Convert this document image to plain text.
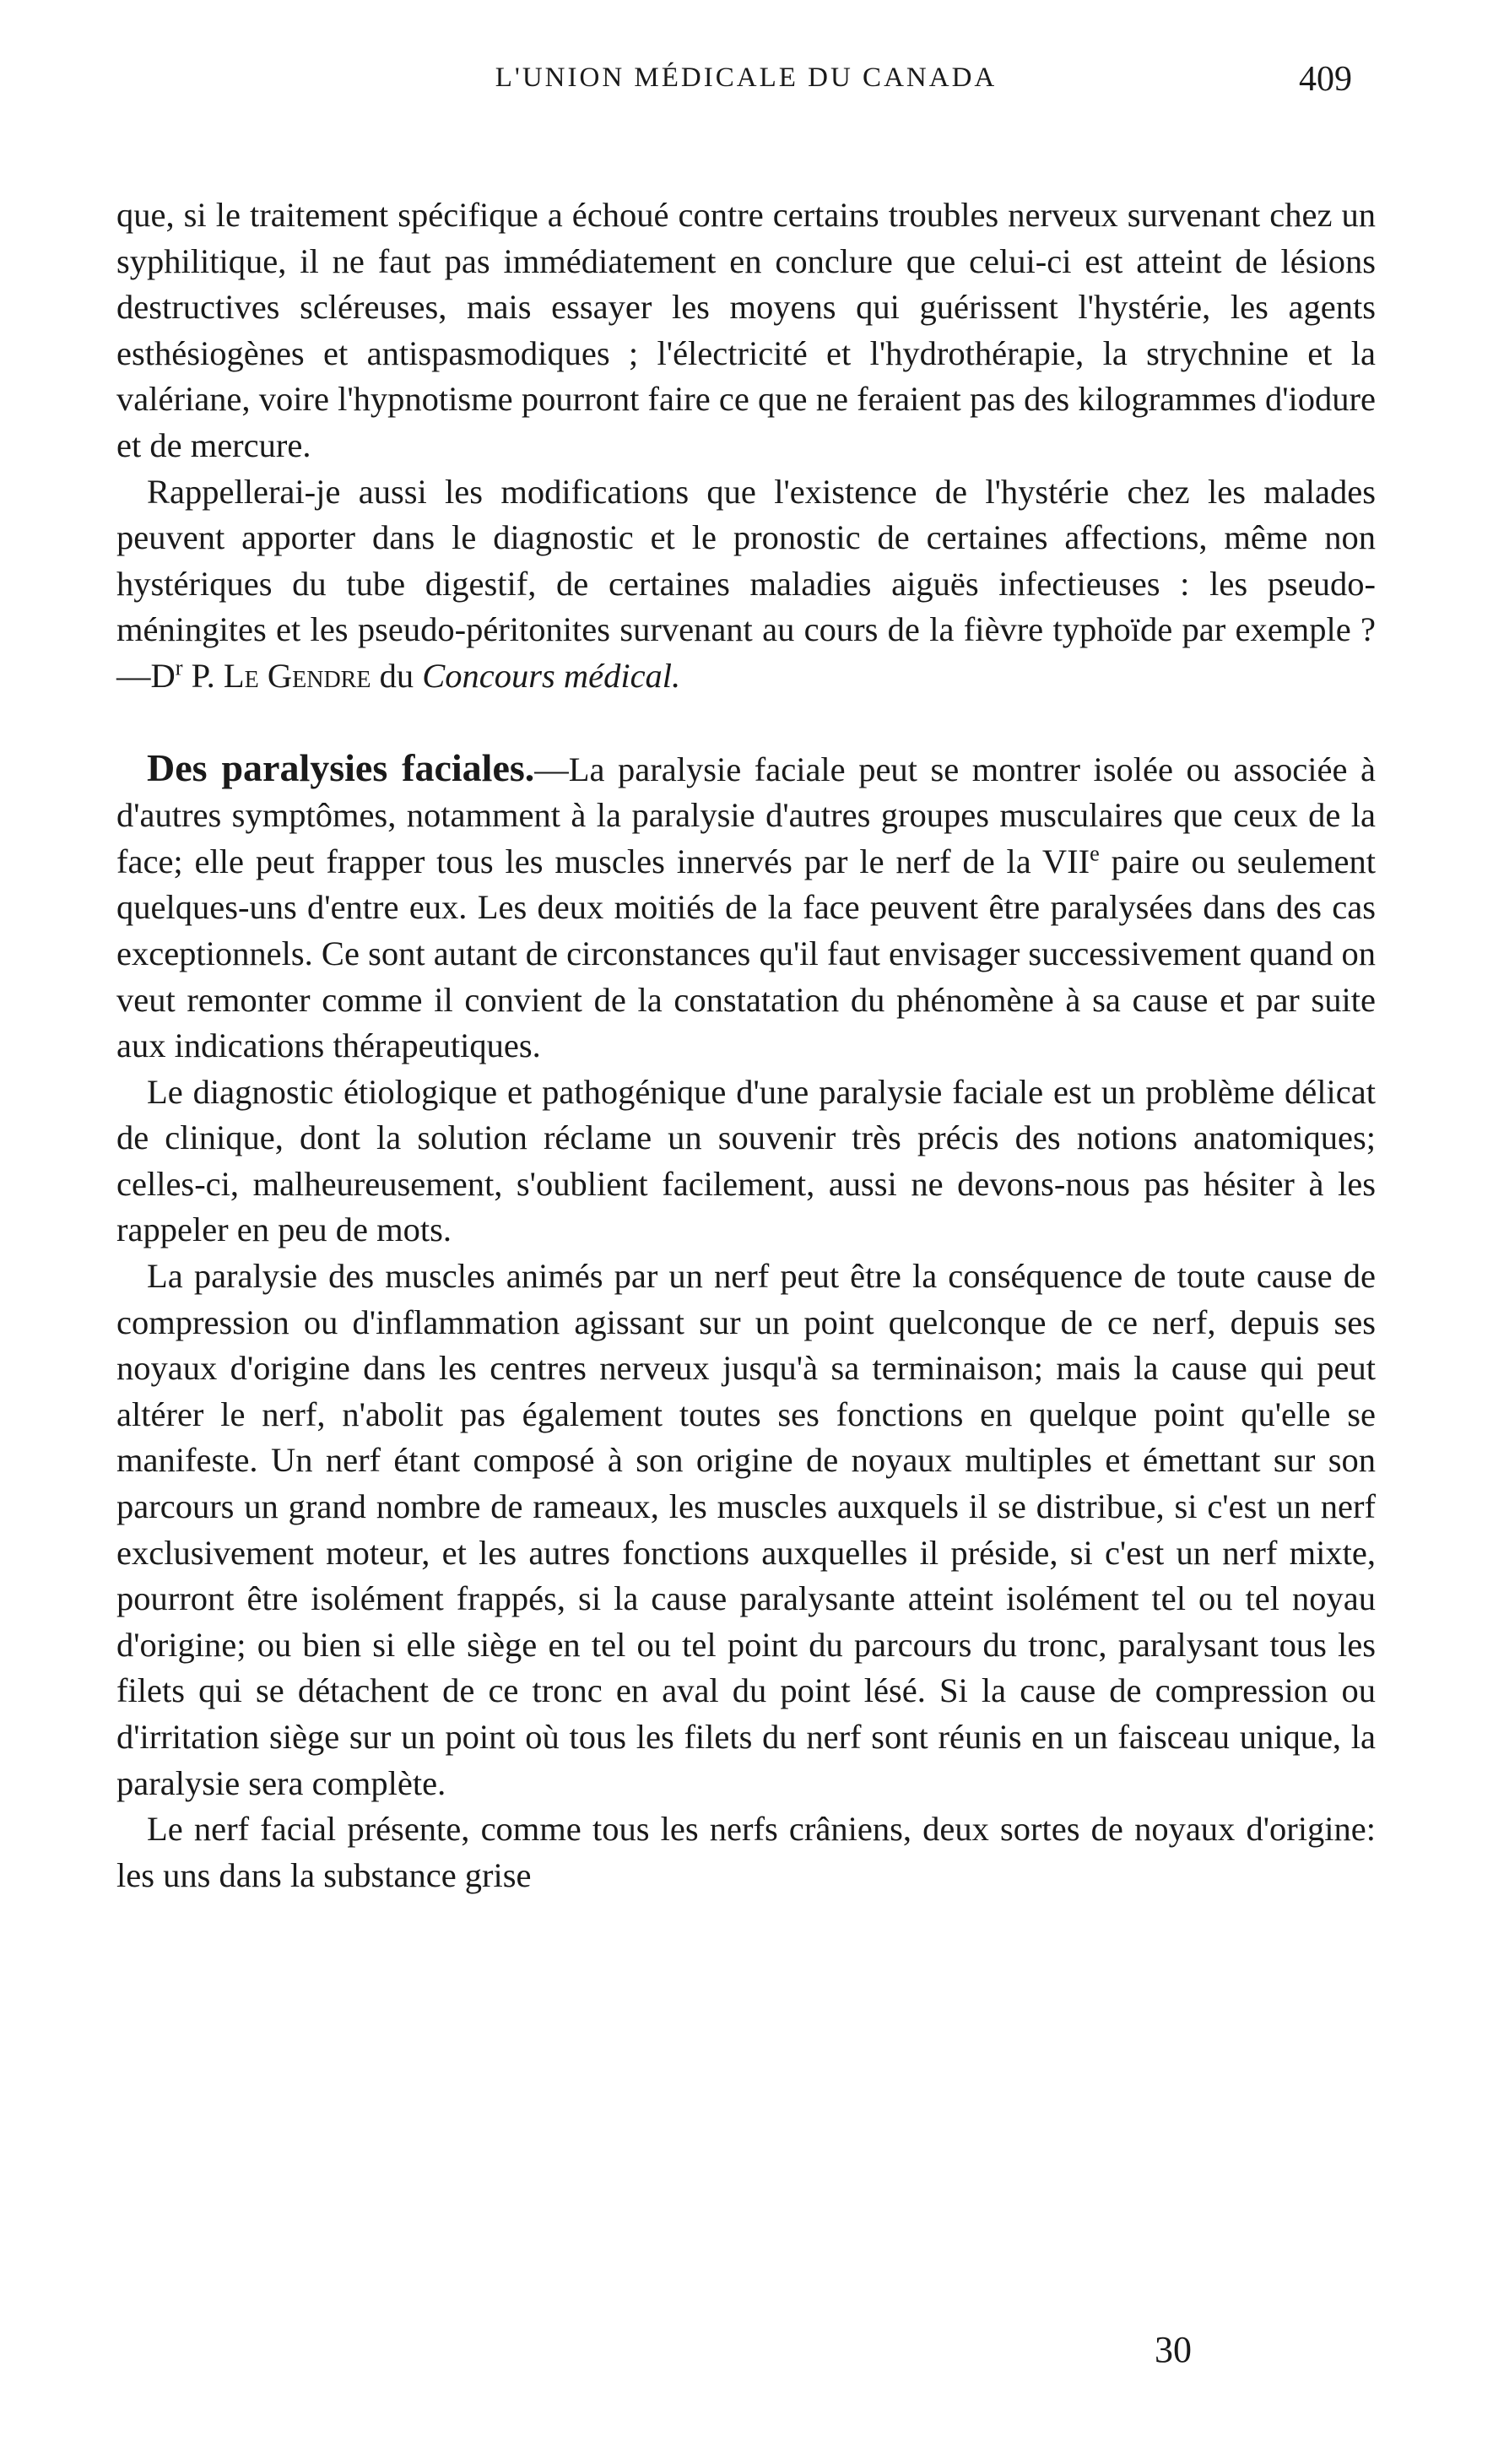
L'UNION MÉDICALE DU CANADA	409

que, si le traitement spécifique a échoué contre certains troubles nerveux survenant chez un syphilitique, il ne faut pas immédiatement en conclure que celui-ci est atteint de lésions destructives scléreuses, mais essayer les moyens qui guérissent l'hystérie, les agents esthésiogènes et antispasmodiques ; l'électricité et l'hydrothérapie, la strychnine et la valériane, voire l'hypnotisme pourront faire ce que ne feraient pas des kilogrammes d'iodure et de mercure.

Rappellerai-je aussi les modifications que l'existence de l'hystérie chez les malades peuvent apporter dans le diagnostic et le pronostic de certaines affections, même non hystériques du tube digestif, de certaines maladies aiguës infectieuses : les pseudo-méningites et les pseudo-péritonites survenant au cours de la fièvre typhoïde par exemple ? $—D^r$ P. Le Gendre du Concours médical.

Des paralysies faciales.—La paralysie faciale peut se montrer isolée ou associée à d'autres symptômes, notamment à la paralysie d'autres groupes musculaires que ceux de la face; elle peut frapper tous les muscles innervés par le nerf de la VIIe paire ou seulement quelques-uns d'entre eux. Les deux moitiés de la face peuvent être paralysées dans des cas exceptionnels. Ce sont autant de circonstances qu'il faut envisager successivement quand on veut remonter comme il convient de la constatation du phénomène à sa cause et par suite aux indications thérapeutiques.

Le diagnostic étiologique et pathogénique d'une paralysie faciale est un problème délicat de clinique, dont la solution réclame un souvenir très précis des notions anatomiques; celles-ci, malheureusement, s'oublient facilement, aussi ne devons-nous pas hésiter à les rappeler en peu de mots.

La paralysie des muscles animés par un nerf peut être la conséquence de toute cause de compression ou d'inflammation agissant sur un point quelconque de ce nerf, depuis ses noyaux d'origine dans les centres nerveux jusqu'à sa terminaison; mais la cause qui peut altérer le nerf, n'abolit pas également toutes ses fonctions en quelque point qu'elle se manifeste. Un nerf étant composé à son origine de noyaux multiples et émettant sur son parcours un grand nombre de rameaux, les muscles auxquels il se distribue, si c'est un nerf exclusivement moteur, et les autres fonctions auxquelles il préside, si c'est un nerf mixte, pourront être isolément frappés, si la cause paralysante atteint isolément tel ou tel noyau d'origine; ou bien si elle siège en tel ou tel point du parcours du tronc, paralysant tous les filets qui se détachent de ce tronc en aval du point lésé. Si la cause de compression ou d'irritation siège sur un point où tous les filets du nerf sont réunis en un faisceau unique, la paralysie sera complète.

Le nerf facial présente, comme tous les nerfs crâniens, deux sortes de noyaux d'origine: les uns dans la substance grise

30
